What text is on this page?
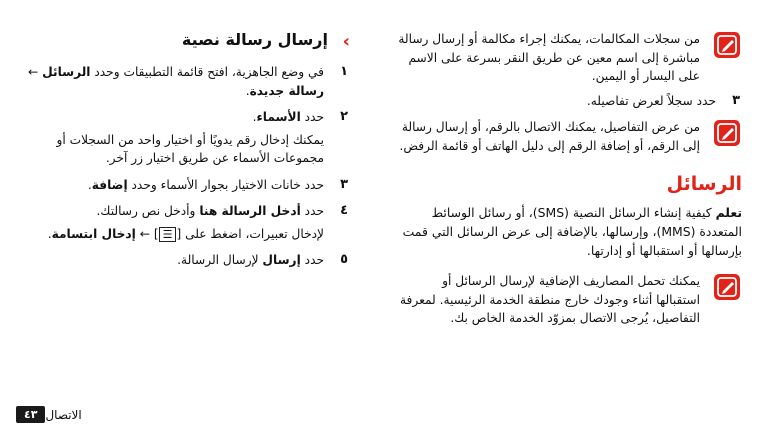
من سجلات المكالمات، يمكنك إجراء مكالمة أو إرسال رسالة مباشرة إلى اسم معين عن طريق النقر بسرعة على الاسم على اليسار أو اليمين.
٣
حدد سجلاً لعرض تفاصيله.
من عرض التفاصيل، يمكنك الاتصال بالرقم، أو إرسال رسالة إلى الرقم، أو إضافة الرقم إلى دليل الهاتف أو قائمة الرفض.
الرسائل
تعلم كيفية إنشاء الرسائل النصية (SMS)، أو رسائل الوسائط المتعددة (MMS)، وإرسالها، بالإضافة إلى عرض الرسائل التي قمت بإرسالها أو استقبالها أو إدارتها.
يمكنك تحمل المصاريف الإضافية لإرسال الرسائل أو استقبالها أثناء وجودك خارج منطقة الخدمة الرئيسية. لمعرفة التفاصيل، يُرجى الاتصال بمزوّد الخدمة الخاص بك.
›
إرسال رسالة نصية
١
في وضع الجاهزية، افتح قائمة التطبيقات وحدد الرسائل ← رسالة جديدة.
٢
حدد الأسماء.
يمكنك إدخال رقم يدويًا أو اختيار واحد من السجلات أو مجموعات الأسماء عن طريق اختيار زر آخر.
٣
حدد خانات الاختيار بجوار الأسماء وحدد إضافة.
٤
حدد أدخل الرسالة هنا وأدخل نص رسالتك.
لإدخال تعبيرات، اضغط على [☰] ← إدخال ابتسامة.
٥
حدد إرسال لإرسال الرسالة.
الاتصال
٤٣
